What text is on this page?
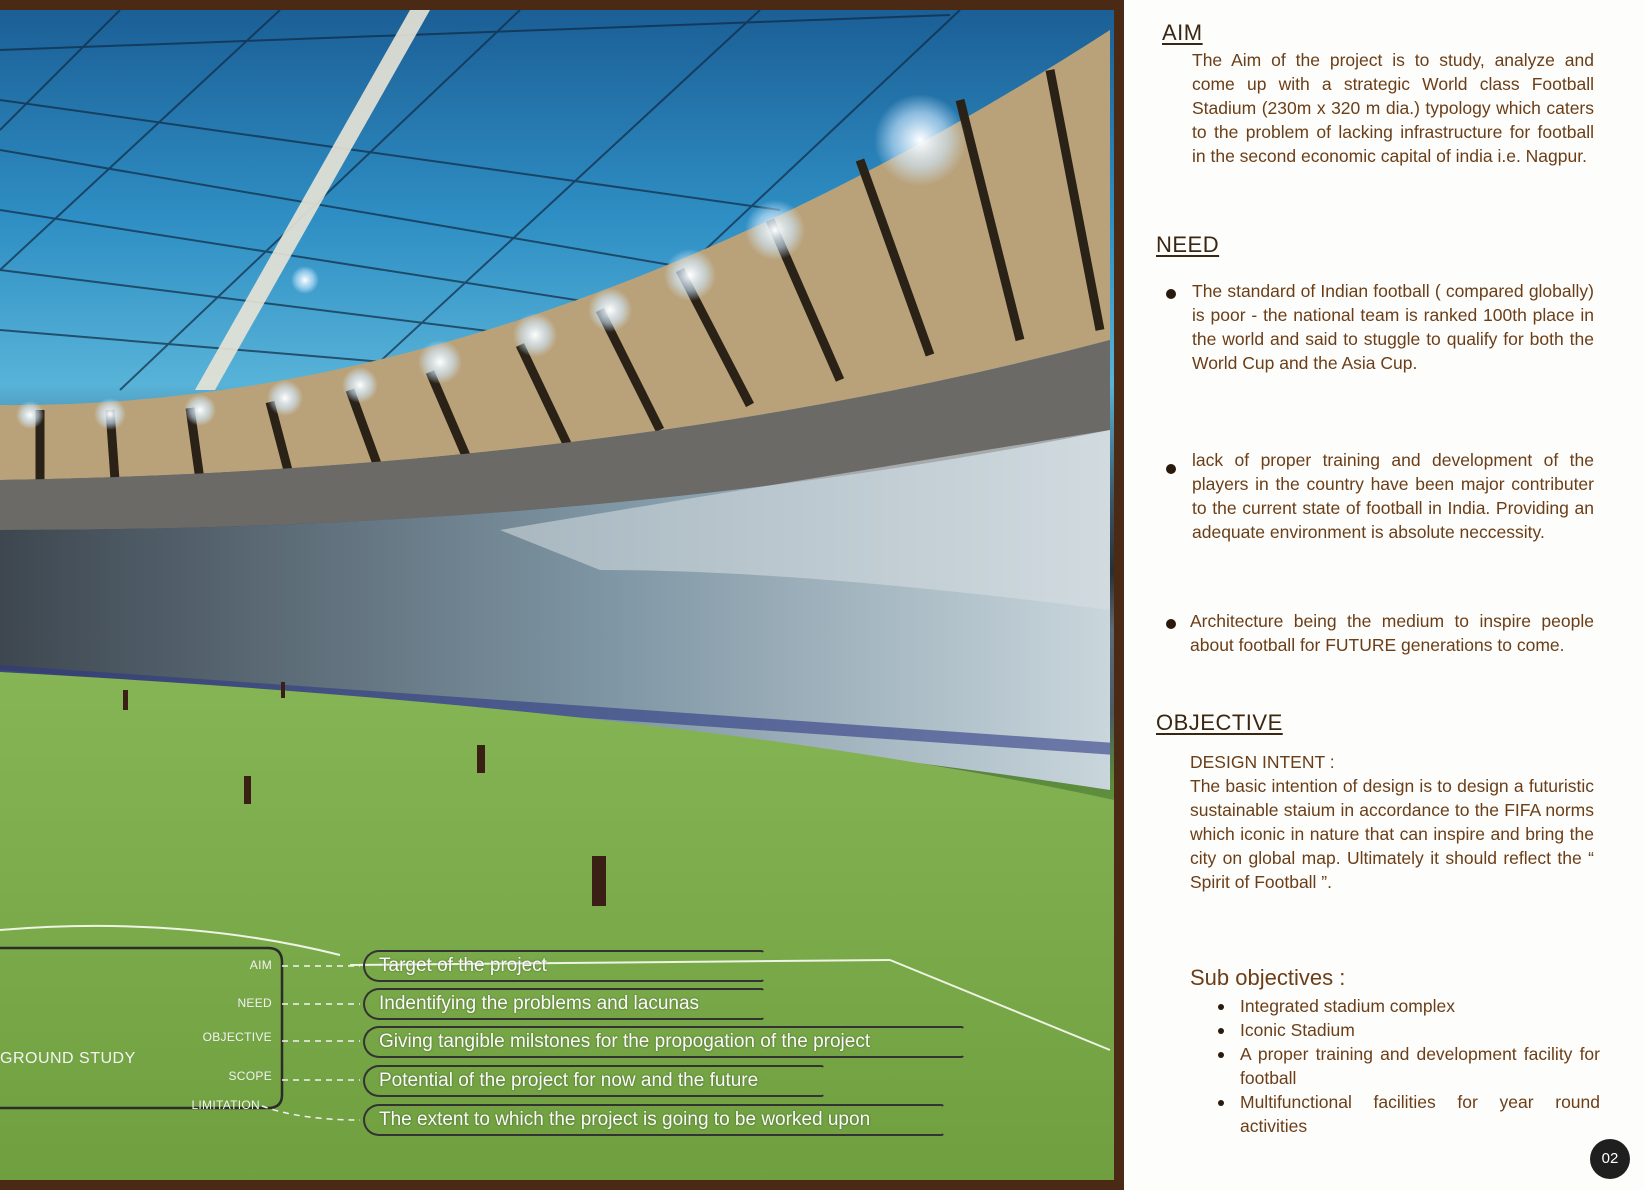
GROUND STUDY
AIM
NEED
OBJECTIVE
SCOPE
LIMITATION
Target of the project
Indentifying the problems and lacunas
Giving tangible milstones for the propogation of the project
Potential of the project for now and the future
The extent to which the project is going to be worked upon
AIM
The Aim of the project is to study, analyze and come up with a strategic World class Football Stadium (230m x 320 m dia.) typology which caters to the problem of lacking infrastructure for football in the second economic capital of india i.e. Nagpur.
NEED
The standard of Indian football ( compared globally) is poor - the national team is ranked 100th place in the world and said to stuggle to qualify for both the World Cup and the Asia Cup.
lack of proper training and development of the players in the country have been major contributer to the current state of football in India. Providing an adequate environment is absolute neccessity.
Architecture being the medium to inspire people about football for FUTURE generations to come.
OBJECTIVE
DESIGN INTENT :
The basic intention of design is to design a futuristic sustainable staium in accordance to the FIFA norms which iconic in nature that can inspire and bring the city on global map. Ultimately it should reflect the “ Spirit of Football ”.
Sub objectives :
Integrated stadium complex
Iconic Stadium
A proper training and development facility for football
Multifunctional facilities for year round activities
02
